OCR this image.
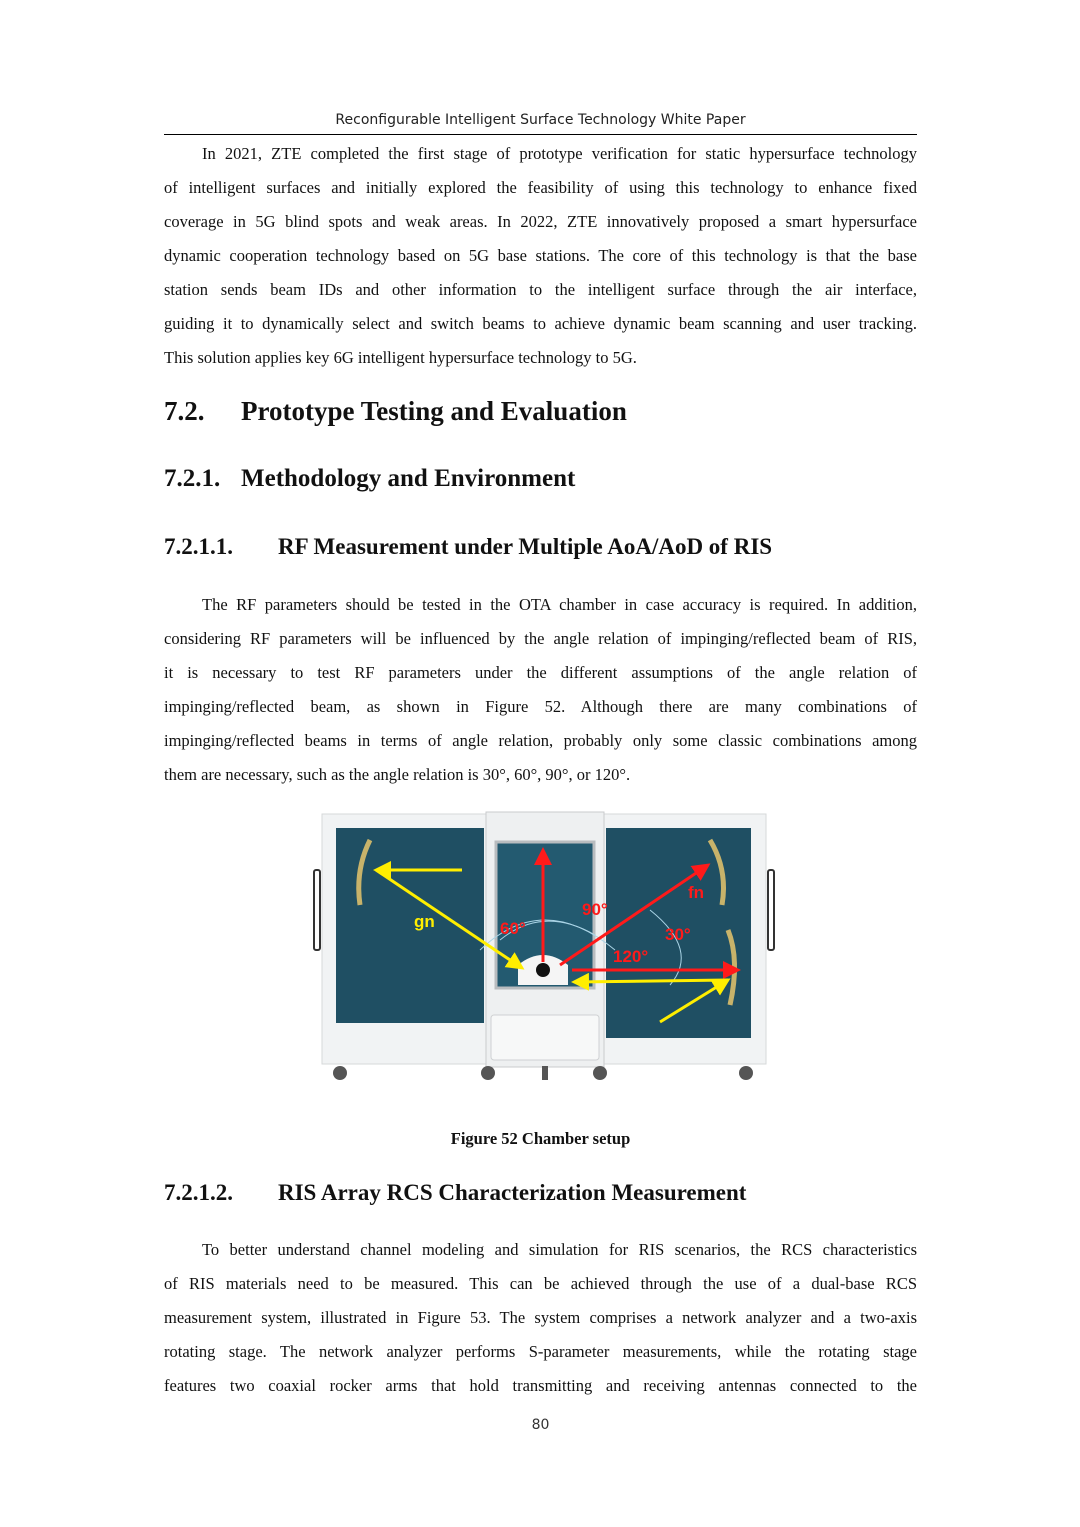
Reconfigurable Intelligent Surface Technology White Paper
In 2021, ZTE completed the first stage of prototype verification for static hypersurface technology
of intelligent surfaces and initially explored the feasibility of using this technology to enhance fixed
coverage in 5G blind spots and weak areas. In 2022, ZTE innovatively proposed a smart hypersurface
dynamic cooperation technology based on 5G base stations. The core of this technology is that the base
station sends beam IDs and other information to the intelligent surface through the air interface,
guiding it to dynamically select and switch beams to achieve dynamic beam scanning and user tracking.
This solution applies key 6G intelligent hypersurface technology to 5G.
7.2. Prototype Testing and Evaluation
7.2.1. Methodology and Environment
7.2.1.1. RF Measurement under Multiple AoA/AoD of RIS
The RF parameters should be tested in the OTA chamber in case accuracy is required. In addition,
considering RF parameters will be influenced by the angle relation of impinging/reflected beam of RIS,
it is necessary to test RF parameters under the different assumptions of the angle relation of
impinging/reflected beam, as shown in Figure 52. Although there are many combinations of
impinging/reflected beams in terms of angle relation, probably only some classic combinations among
them are necessary, such as the angle relation is 30°, 60°, 90°, or 120°.
gn
fn
90°
60°	30°
120°
Figure 52 Chamber setup
7.2.1.2. RIS Array RCS Characterization Measurement
To better understand channel modeling and simulation for RIS scenarios, the RCS characteristics
of RIS materials need to be measured. This can be achieved through the use of a dual-base RCS
measurement system, illustrated in Figure 53. The system comprises a network analyzer and a two-axis
rotating stage. The network analyzer performs S-parameter measurements, while the rotating stage
features two coaxial rocker arms that hold transmitting and receiving antennas connected to the
80
